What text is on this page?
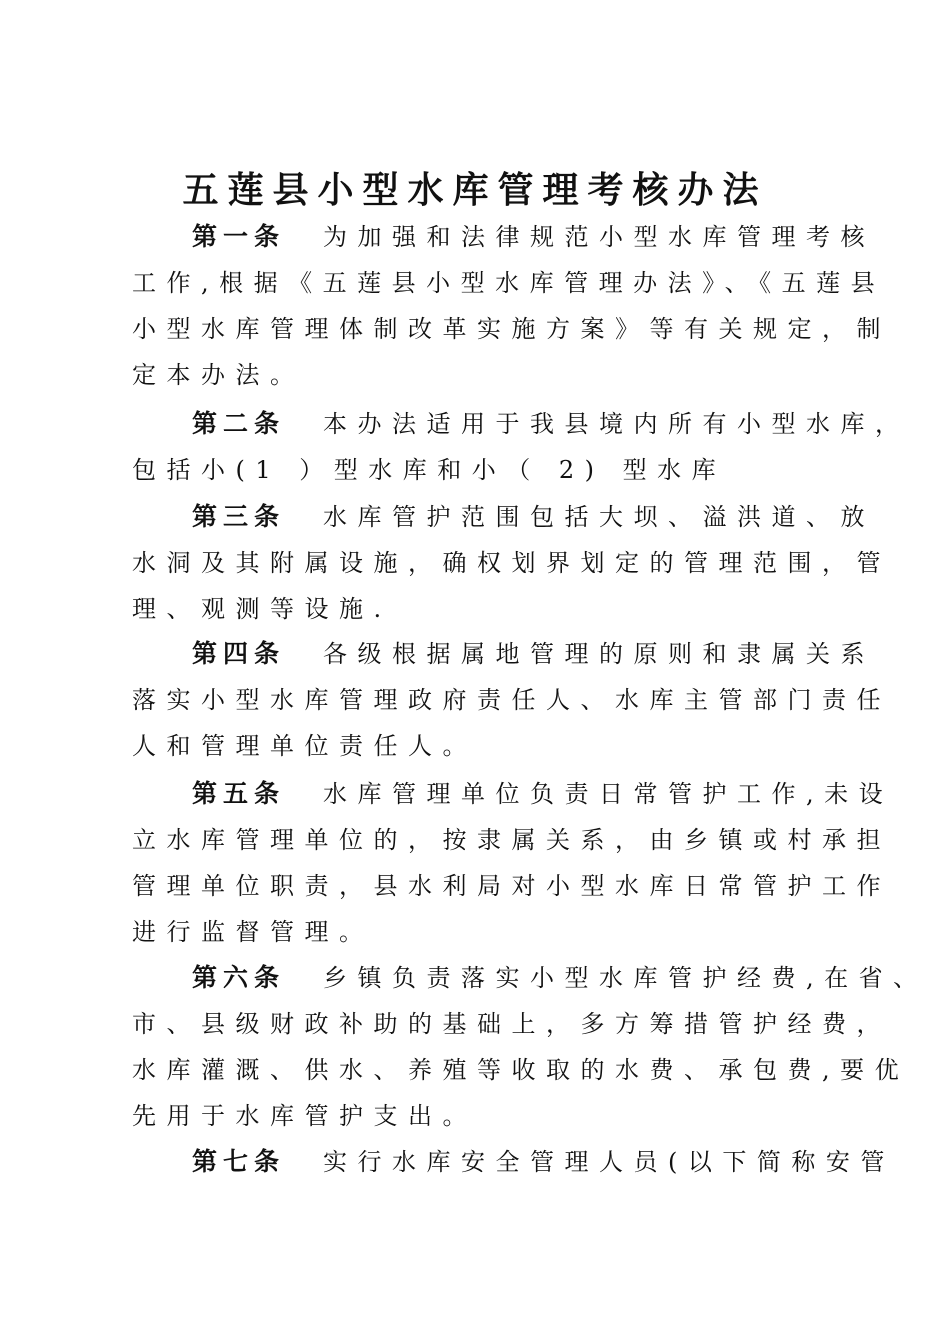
五莲县小型水库管理考核办法
第一条 为加强和法律规范小型水库管理考核
工作,根据《五莲县小型水库管理办法》、《五莲县
小型水库管理体制改革实施方案》等有关规定，制
定本办法。
第二条 本办法适用于我县境内所有小型水库，
包括小(1 ）型水库和小（ 2) 型水库
第三条 水库管护范围包括大坝、溢洪道、放
水洞及其附属设施，确权划界划定的管理范围，管
理、观测等设施.
第四条 各级根据属地管理的原则和隶属关系
落实小型水库管理政府责任人、水库主管部门责任
人和管理单位责任人。
第五条 水库管理单位负责日常管护工作,未设
立水库管理单位的，按隶属关系，由乡镇或村承担
管理单位职责，县水利局对小型水库日常管护工作
进行监督管理。
第六条 乡镇负责落实小型水库管护经费,在省、
市、县级财政补助的基础上，多方筹措管护经费，
水库灌溉、供水、养殖等收取的水费、承包费,要优
先用于水库管护支出。
第七条 实行水库安全管理人员(以下简称安管
